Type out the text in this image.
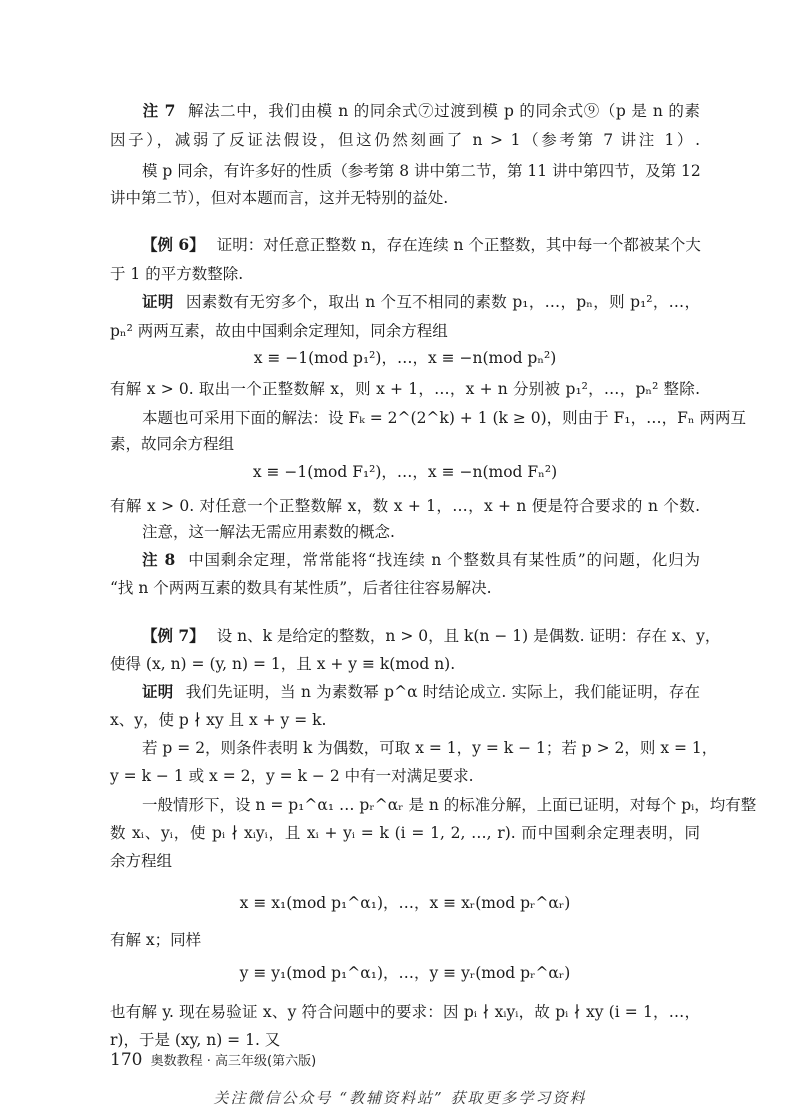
注 7 解法二中，我们由模 n 的同余式⑦过渡到模 p 的同余式⑨（p 是 n 的素
因子），减弱了反证法假设，但这仍然刻画了 n > 1（参考第 7 讲注 1）.
模 p 同余，有许多好的性质（参考第 8 讲中第二节，第 11 讲中第四节，及第 12
讲中第二节），但对本题而言，这并无特别的益处.
【例 6】 证明：对任意正整数 n，存在连续 n 个正整数，其中每一个都被某个大
于 1 的平方数整除.
证明 因素数有无穷多个，取出 n 个互不相同的素数 p₁，…，pₙ，则 p₁²，…，
pₙ² 两两互素，故由中国剩余定理知，同余方程组
x ≡ −1(mod p₁²)，…，x ≡ −n(mod pₙ²)
有解 x > 0. 取出一个正整数解 x，则 x + 1，…，x + n 分别被 p₁²，…，pₙ² 整除.
本题也可采用下面的解法：设 Fₖ = 2^(2^k) + 1 (k ≥ 0)，则由于 F₁，…，Fₙ 两两互
素，故同余方程组
x ≡ −1(mod F₁²)，…，x ≡ −n(mod Fₙ²)
有解 x > 0. 对任意一个正整数解 x，数 x + 1，…，x + n 便是符合要求的 n 个数.
注意，这一解法无需应用素数的概念.
注 8 中国剩余定理，常常能将“找连续 n 个整数具有某性质”的问题，化归为
“找 n 个两两互素的数具有某性质”，后者往往容易解决.
【例 7】 设 n、k 是给定的整数，n > 0，且 k(n − 1) 是偶数. 证明：存在 x、y，
使得 (x, n) = (y, n) = 1，且 x + y ≡ k(mod n).
证明 我们先证明，当 n 为素数幂 p^α 时结论成立. 实际上，我们能证明，存在
x、y，使 p ∤ xy 且 x + y = k.
若 p = 2，则条件表明 k 为偶数，可取 x = 1，y = k − 1；若 p > 2，则 x = 1，
y = k − 1 或 x = 2，y = k − 2 中有一对满足要求.
一般情形下，设 n = p₁^α₁ … pᵣ^αᵣ 是 n 的标准分解，上面已证明，对每个 pᵢ，均有整
数 xᵢ、yᵢ，使 pᵢ ∤ xᵢyᵢ，且 xᵢ + yᵢ = k (i = 1, 2, …, r). 而中国剩余定理表明，同
余方程组
x ≡ x₁(mod p₁^α₁)，…，x ≡ xᵣ(mod pᵣ^αᵣ)
有解 x；同样
y ≡ y₁(mod p₁^α₁)，…，y ≡ yᵣ(mod pᵣ^αᵣ)
也有解 y. 现在易验证 x、y 符合问题中的要求：因 pᵢ ∤ xᵢyᵢ，故 pᵢ ∤ xy (i = 1，…，
r)，于是 (xy, n) = 1. 又
170 奥数教程 · 高三年级(第六版)
关注微信公众号 “教辅资料站” 获取更多学习资料
